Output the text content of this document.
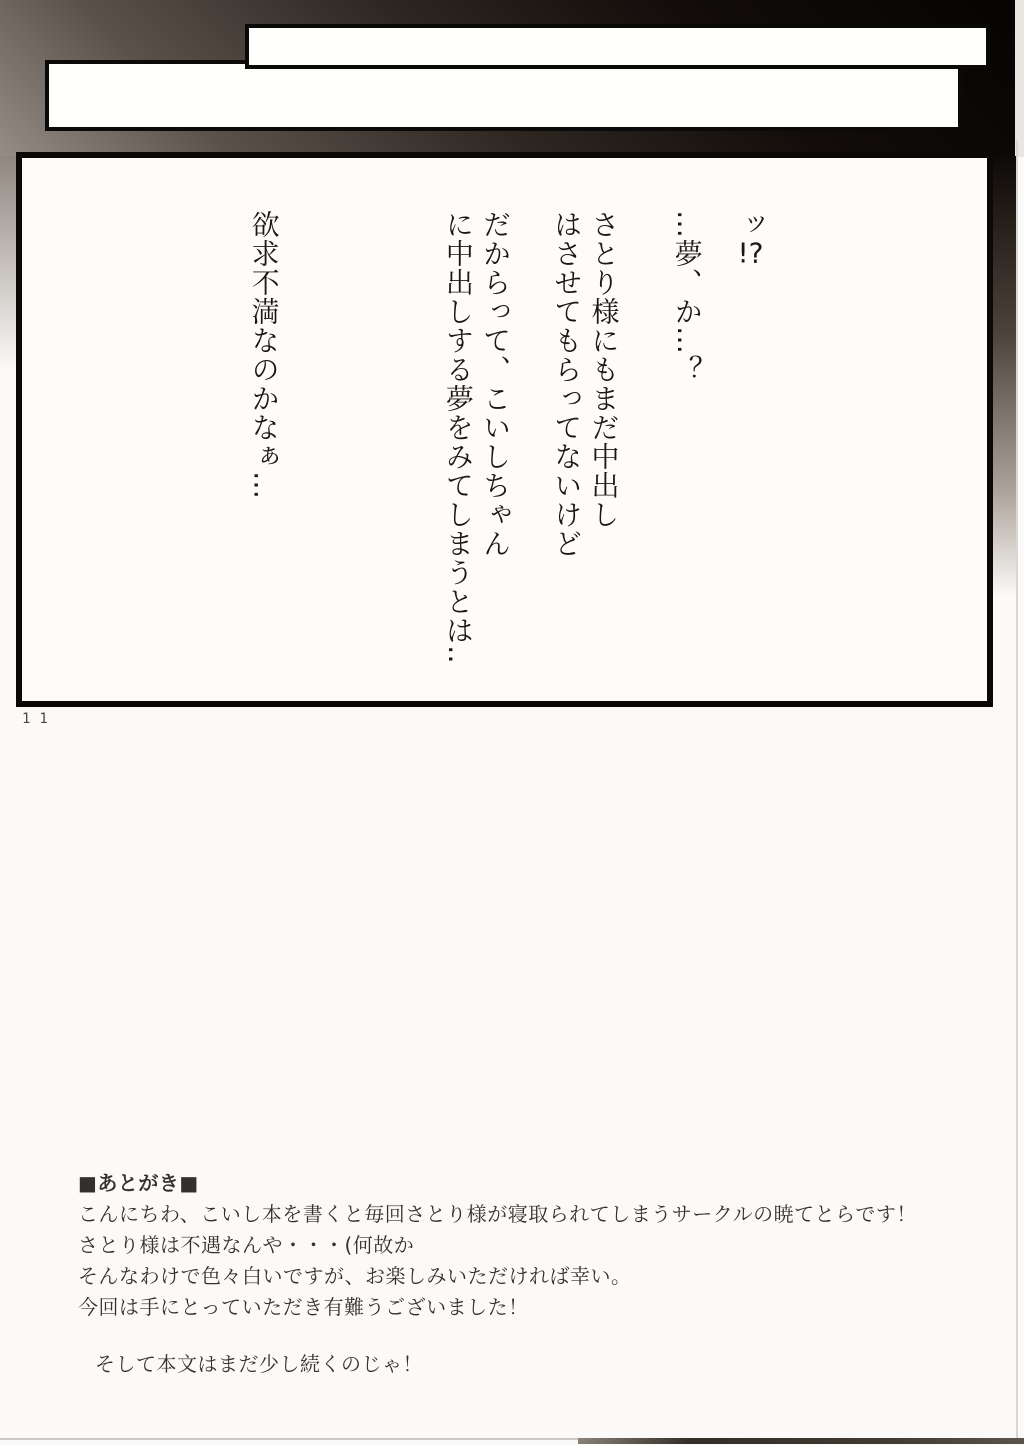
ッ!?

…夢、か…？

さとり様にもまだ中出し

はさせてもらってないけど

だからって、こいしちゃん

に中出しする夢をみてしまうとは‥

欲求不満なのかなぁ…

11
■あとがき■
こんにちわ、こいし本を書くと毎回さとり様が寝取られてしまうサークルの暁てとらです！
さとり様は不遇なんや・・・(何故か
そんなわけで色々白いですが、お楽しみいただければ幸い。
今回は手にとっていただき有難うございました！
そして本文はまだ少し続くのじゃ！
